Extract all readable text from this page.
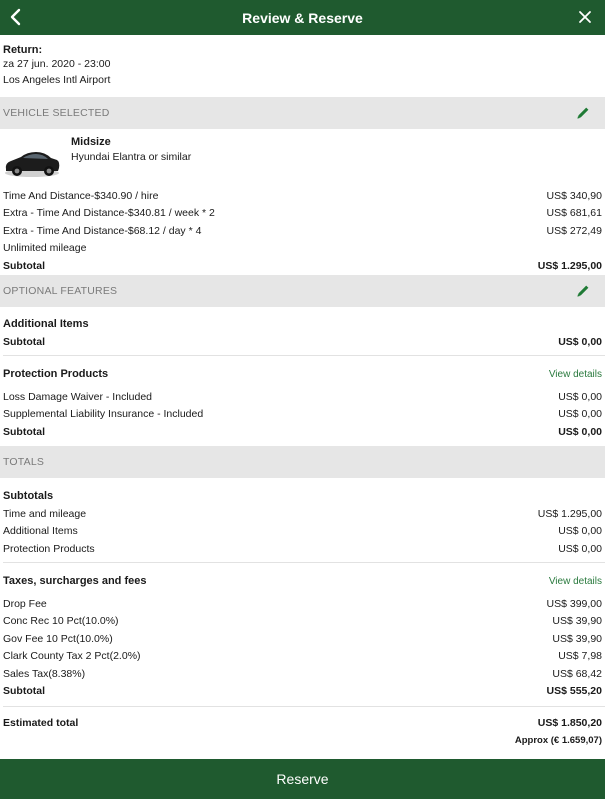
Review & Reserve
Return:
za 27 jun. 2020 - 23:00
Los Angeles Intl Airport
VEHICLE SELECTED
Midsize
Hyundai Elantra or similar
Time And Distance-$340.90 / hire	US$ 340,90
Extra - Time And Distance-$340.81 / week * 2	US$ 681,61
Extra - Time And Distance-$68.12 / day * 4	US$ 272,49
Unlimited mileage
Subtotal	US$ 1.295,00
OPTIONAL FEATURES
Additional Items
Subtotal	US$ 0,00
Protection Products	View details
Loss Damage Waiver - Included	US$ 0,00
Supplemental Liability Insurance - Included	US$ 0,00
Subtotal	US$ 0,00
TOTALS
Subtotals
Time and mileage	US$ 1.295,00
Additional Items	US$ 0,00
Protection Products	US$ 0,00
Taxes, surcharges and fees	View details
Drop Fee	US$ 399,00
Conc Rec 10 Pct(10.0%)	US$ 39,90
Gov Fee 10 Pct(10.0%)	US$ 39,90
Clark County Tax 2 Pct(2.0%)	US$ 7,98
Sales Tax(8.38%)	US$ 68,42
Subtotal	US$ 555,20
Estimated total	US$ 1.850,20
Approx (€ 1.659,07)
Reserve
